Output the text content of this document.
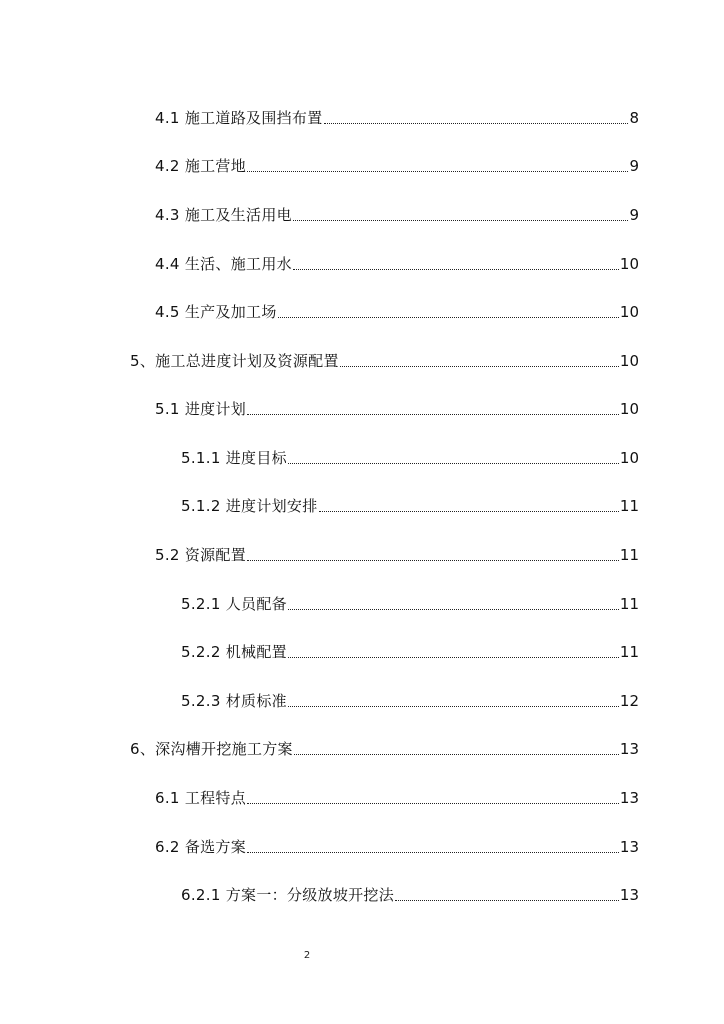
4.1 施工道路及围挡布置	8
4.2 施工营地	9
4.3 施工及生活用电	9
4.4 生活、施工用水	10
4.5 生产及加工场	10
5、施工总进度计划及资源配置	10
5.1 进度计划	10
5.1.1 进度目标	10
5.1.2 进度计划安排	11
5.2 资源配置	11
5.2.1 人员配备	11
5.2.2 机械配置	11
5.2.3 材质标准	12
6、深沟槽开挖施工方案	13
6.1 工程特点	13
6.2 备选方案	13
6.2.1 方案一：分级放坡开挖法	13
2
